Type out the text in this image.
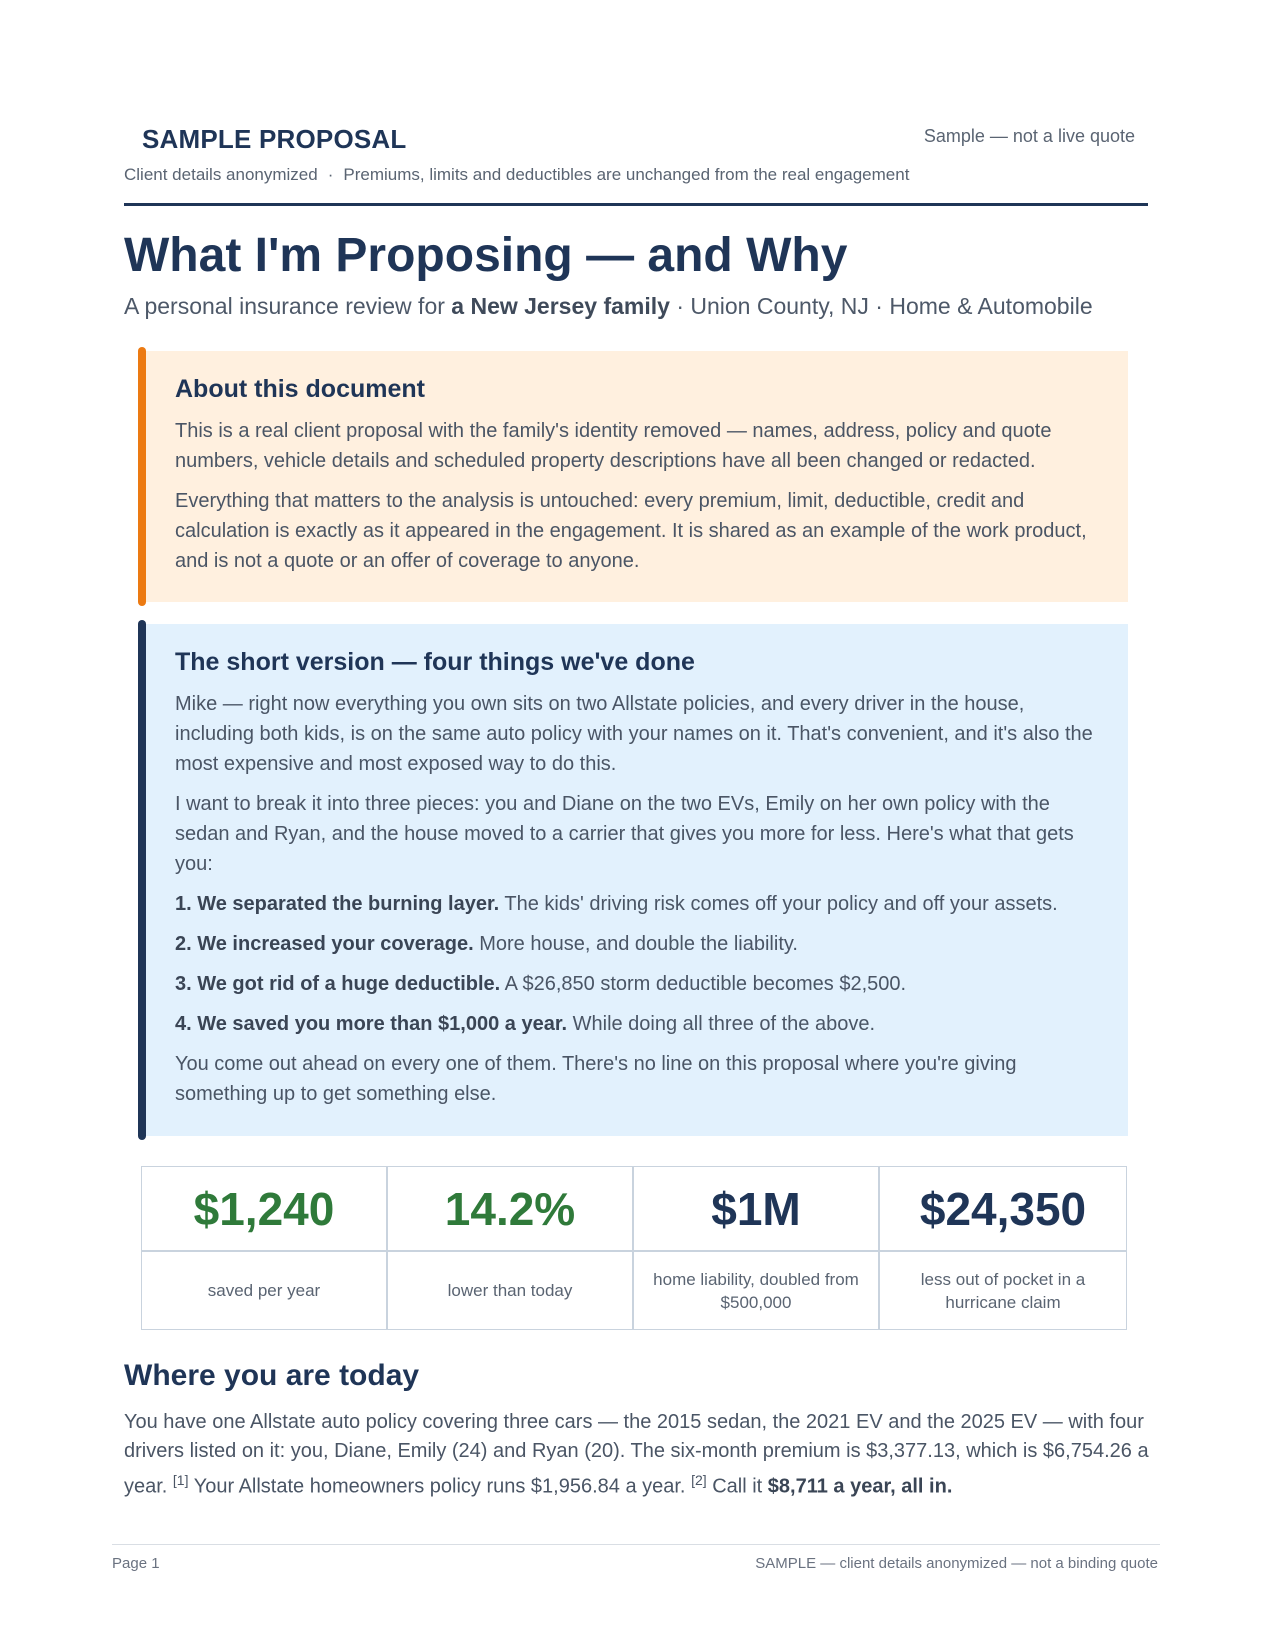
SAMPLE PROPOSAL	Sample — not a live quote
Client details anonymized · Premiums, limits and deductibles are unchanged from the real engagement
What I'm Proposing — and Why
A personal insurance review for a New Jersey family · Union County, NJ · Home & Automobile
About this document

This is a real client proposal with the family's identity removed — names, address, policy and quote numbers, vehicle details and scheduled property descriptions have all been changed or redacted.

Everything that matters to the analysis is untouched: every premium, limit, deductible, credit and calculation is exactly as it appeared in the engagement. It is shared as an example of the work product, and is not a quote or an offer of coverage to anyone.

The short version — four things we've done

Mike — right now everything you own sits on two Allstate policies, and every driver in the house, including both kids, is on the same auto policy with your names on it. That's convenient, and it's also the most expensive and most exposed way to do this.

I want to break it into three pieces: you and Diane on the two EVs, Emily on her own policy with the sedan and Ryan, and the house moved to a carrier that gives you more for less. Here's what that gets you:

1. We separated the burning layer. The kids' driving risk comes off your policy and off your assets.

2. We increased your coverage. More house, and double the liability.

3. We got rid of a huge deductible. A $26,850 storm deductible becomes $2,500.

4. We saved you more than $1,000 a year. While doing all three of the above.

You come out ahead on every one of them. There's no line on this proposal where you're giving something up to get something else.

$1,240
saved per year
14.2%
lower than today
$1M
home liability, doubled from $500,000
$24,350
less out of pocket in a hurricane claim
Where you are today

You have one Allstate auto policy covering three cars — the 2015 sedan, the 2021 EV and the 2025 EV — with four drivers listed on it: you, Diane, Emily (24) and Ryan (20). The six-month premium is $3,377.13, which is $6,754.26 a year. [1] Your Allstate homeowners policy runs $1,956.84 a year. [2] Call it $8,711 a year, all in.

Page 1	SAMPLE — client details anonymized — not a binding quote
